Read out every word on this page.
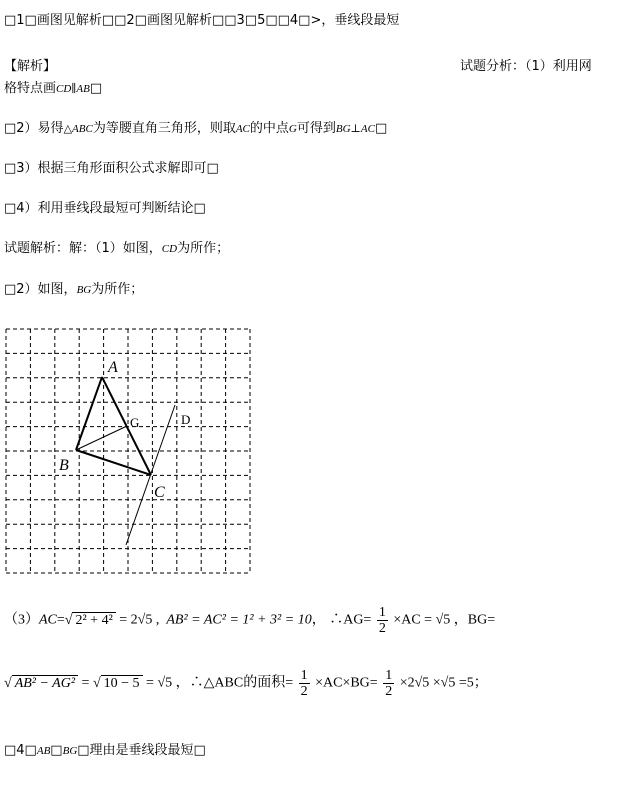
□1□画图见解析□□2□画图见解析□□3□5□□4□>，垂线段最短
【解析】	试题分析：（1）利用网
格特点画CD∥AB□
□2）易得△ABC为等腰直角三角形，则取AC的中点G可得到BG⊥AC□
□3）根据三角形面积公式求解即可□
□4）利用垂线段最短可判断结论□
试题解析：解：（1）如图，CD为所作；
□2）如图，BG为所作；
A
B
C
G	D
（3）AC=√ 2² + 4² = 2√5 ,  AB² = AC² = 1² + 3² = 10， ∴AG= $\frac{1}{2} \times AC = √5$ ，BG=
√ AB² − AG² = √ 10 − 5 = √5 ，∴△ABC的面积= $\frac{1}{2} \times AC\times BG= \frac{1}{2} \times 2√5 \times√5 =5$；
□4□AB□BG□理由是垂线段最短□
